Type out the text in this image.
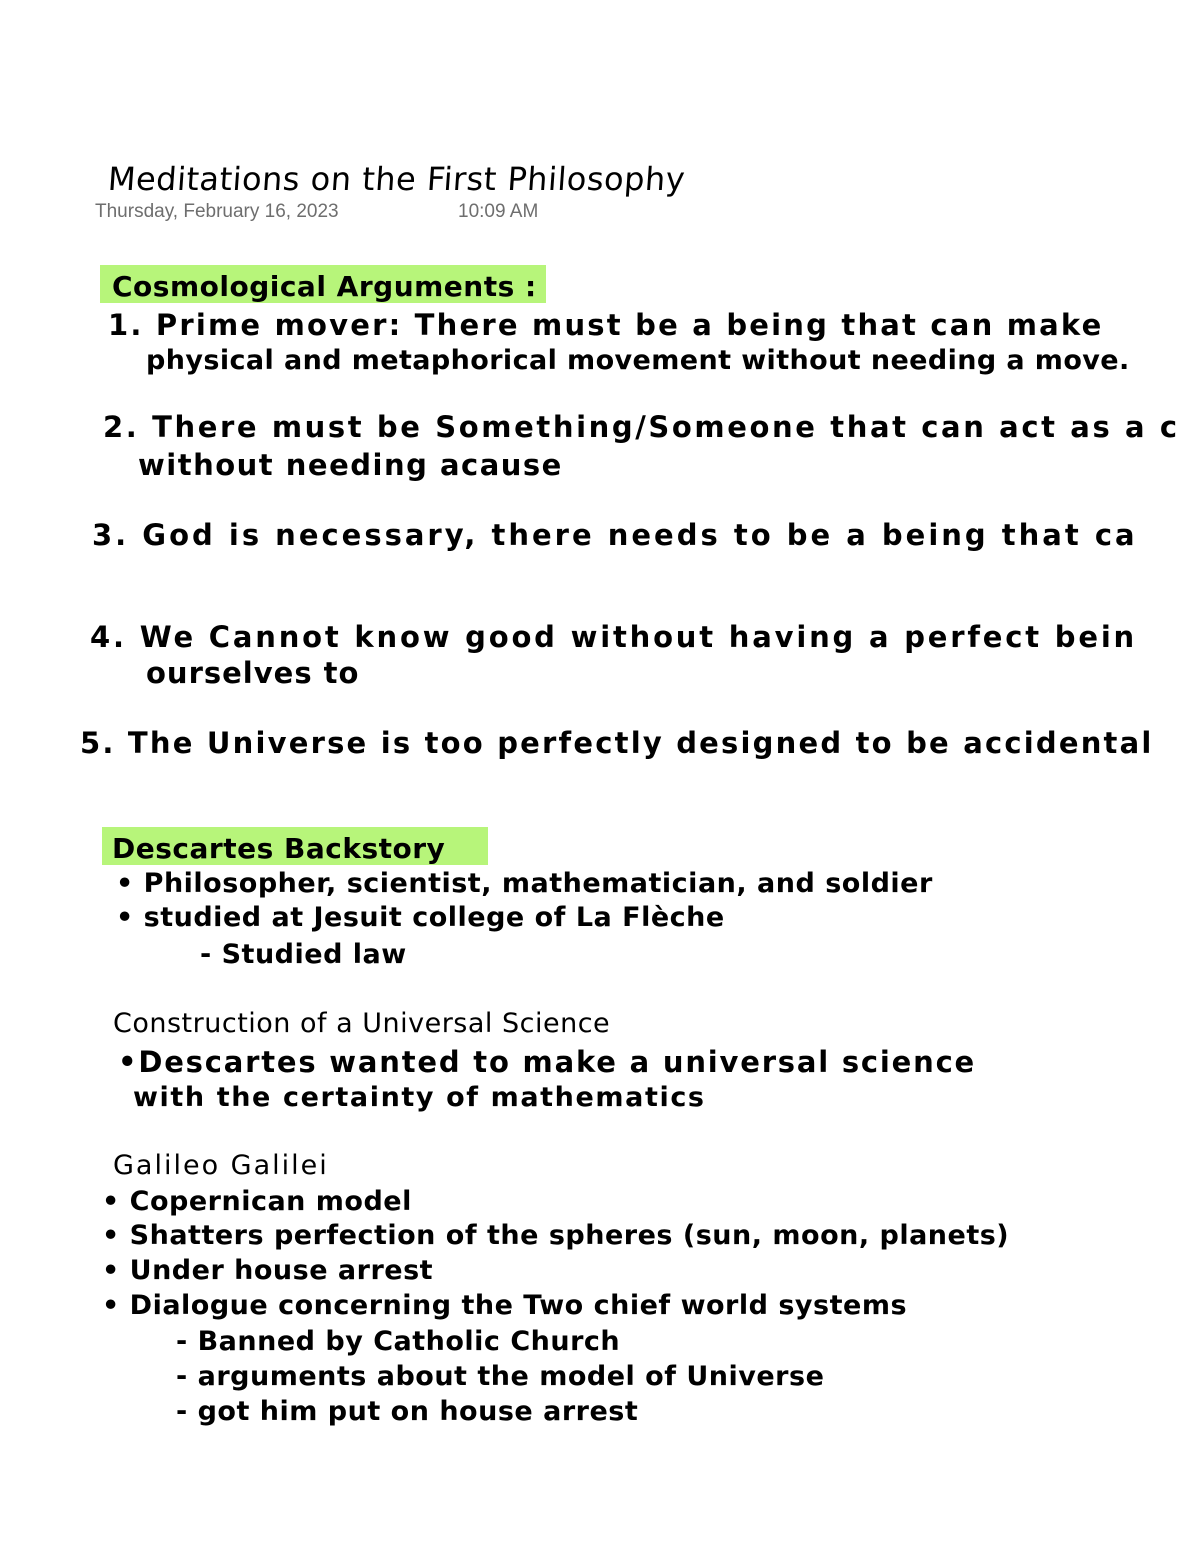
Meditations on the First Philosophy
Thursday, February 16, 2023	10:09 AM
Cosmological Arguments :
1. Prime mover: There must be a being that can make
physical and metaphorical movement without needing a move.
2. There must be Something/Someone that can act as a c
without needing acause
3. God is necessary, there needs to be a being that ca
4. We Cannot know good without having a perfect bein
ourselves to
5. The Universe is too perfectly designed to be accidental
Descartes Backstory
• Philosopher, scientist, mathematician, and soldier
• studied at Jesuit college of La Flèche
- Studied law
Construction of a Universal Science
•Descartes wanted to make a universal science
with the certainty of mathematics
Galileo Galilei
• Copernican model
• Shatters perfection of the spheres (sun, moon, planets)
• Under house arrest
• Dialogue concerning the Two chief world systems
- Banned by Catholic Church
- arguments about the model of Universe
- got him put on house arrest
